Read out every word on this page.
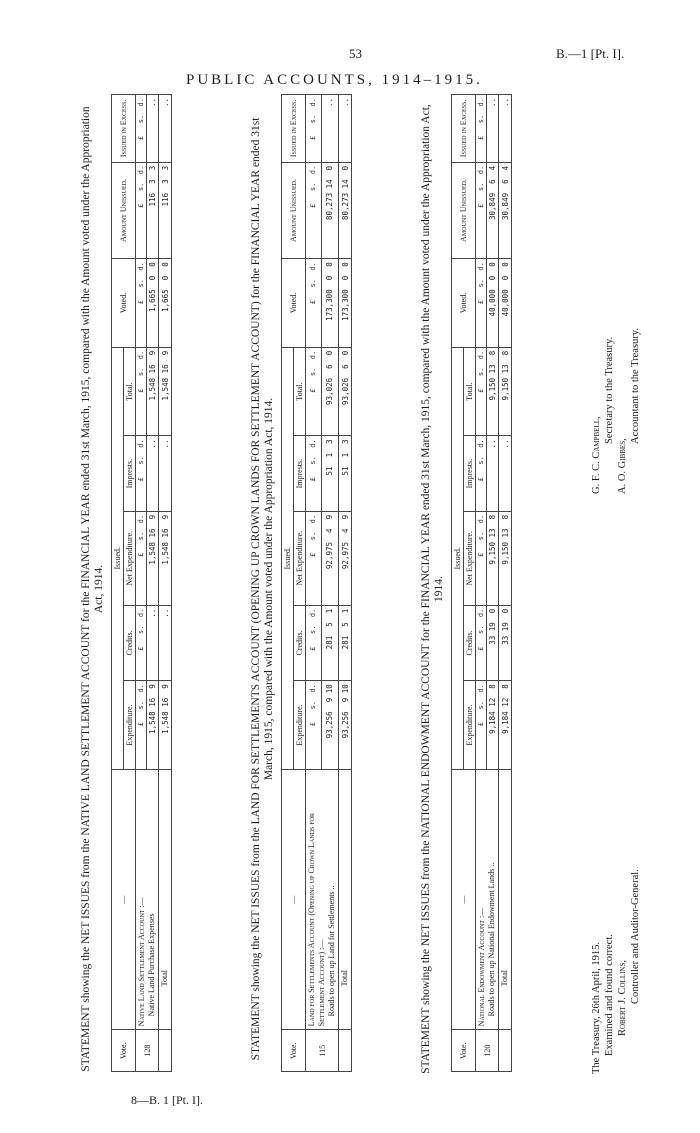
53	B.—1 [Pt. I].
PUBLIC ACCOUNTS, 1914–1915.
STATEMENT showing the NET ISSUES from the NATIVE LAND SETTLEMENT ACCOUNT for the FINANCIAL YEAR ended 31st March, 1915, compared with the Amount voted under the Appropriation Act, 1914.
Vote.	—	Issued.					Voted.	Amount Unissued.	Issued in Excess.
		Expenditure.	Credits.	Net Expenditure.	Imprests.	Total.			
128	Native Land Settlement Account :— Native Land Purchase Expenses	£   s.  d.	£   s.  d.	£   s.  d.	£   s.  d.	£   s.  d.	£   s.  d.	£   s.  d.	£   s.  d.
		1,548 16  9	..	1,548 16  9	..	1,548 16  9	1,665  0  0	116  3  3	..

	Total	1,548 16  9	..	1,548 16  9	..	1,548 16  9	1,665  0  0	116  3  3	..
STATEMENT showing the NET ISSUES from the LAND FOR SETTLEMENTS ACCOUNT (OPENING UP CROWN LANDS FOR SETTLEMENT ACCOUNT) for the FINANCIAL YEAR ended 31st March, 1915, compared with the Amount voted under the Appropriation Act, 1914.
Vote.	—	Issued.					Voted.	Amount Unissued.	Issued in Excess.
		Expenditure.	Credits.	Net Expenditure.	Imprests.	Total.			
115	Land for Settlements Account (Opening up Crown Lands for Settlement Account) :— Roads to open up Land for Settlements ..	£   s.  d.	£   s.  d.	£   s.  d.	£   s.  d.	£   s.  d.	£   s.  d.	£   s.  d.	£   s.  d.
		93,256  9 10	281  5  1	92,975  4  9	51  1  3	93,026  6  0	173,300  0  0	80,273 14  0	..

	Total	93,256  9 10	281  5  1	92,975  4  9	51  1  3	93,026  6  0	173,300  0  0	80,273 14  0	..
STATEMENT showing the NET ISSUES from the NATIONAL ENDOWMENT ACCOUNT for the FINANCIAL YEAR ended 31st March, 1915, compared with the Amount voted under the Appropriation Act, 1914.
Vote.	—	Issued.					Voted.	Amount Unissued.	Issued in Excess.
		Expenditure.	Credits.	Net Expenditure.	Imprests.	Total.			
120	National Endowment Account :— Roads to open up National Endowment Lands ..	£   s.  d.	£   s.  d.	£   s.  d.	£   s.  d.	£   s.  d.	£   s.  d.	£   s.  d.	£   s.  d.
		9,184 12  8	33 19  0	9,150 13  8	..	9,150 13  8	40,000  0  0	30,849  6  4	..

	Total	9,184 12  8	33 19  0	9,150 13  8	..	9,150 13  8	40,000  0  0	30,849  6  4	..
The Treasury, 26th April, 1915. Examined and found correct. Robert J. Collins, Controller and Auditor-General.
G. F. C. Campbell,
Secretary to the Treasury.
A. O. Gibbes,
Accountant to the Treasury.
8—B. 1 [Pt. I].
